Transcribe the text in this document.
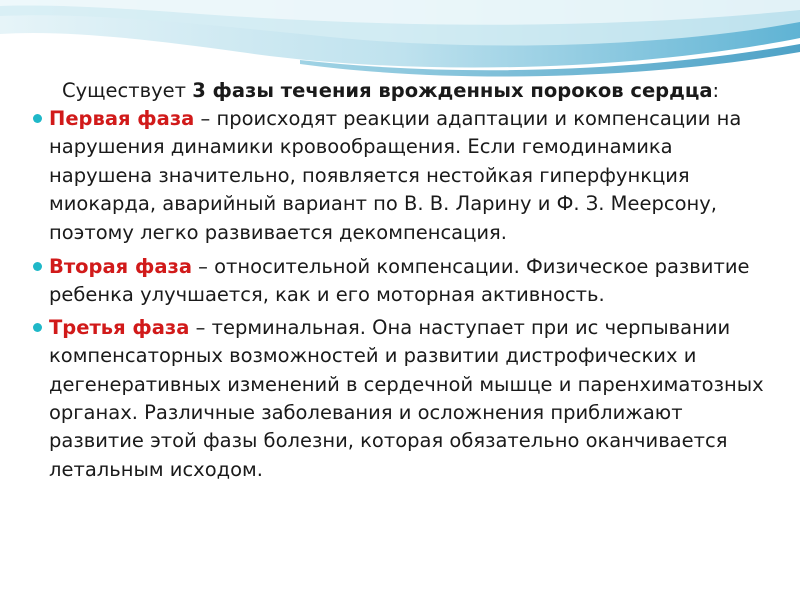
Существует 3 фазы течения врожденных пороков сердца:

Первая фаза – происходят реакции адаптации и компенсации на нарушения динамики кровообращения. Если гемодинамика нарушена значительно, появляется нестойкая гиперфункция миокарда, аварийный вариант по В. В. Ларину и Ф. З. Меерсону, поэтому легко развивается декомпенсация.
Вторая фаза – относительной компенсации. Физическое развитие ребенка улучшается, как и его моторная активность.
Третья фаза – терминальная. Она наступает при ис черпывании компенсаторных возможностей и развитии дистрофических и дегенеративных изменений в сердечной мышце и паренхиматозных органах. Различные заболевания и осложнения приближают развитие этой фазы болезни, которая обязательно оканчивается летальным исходом.
